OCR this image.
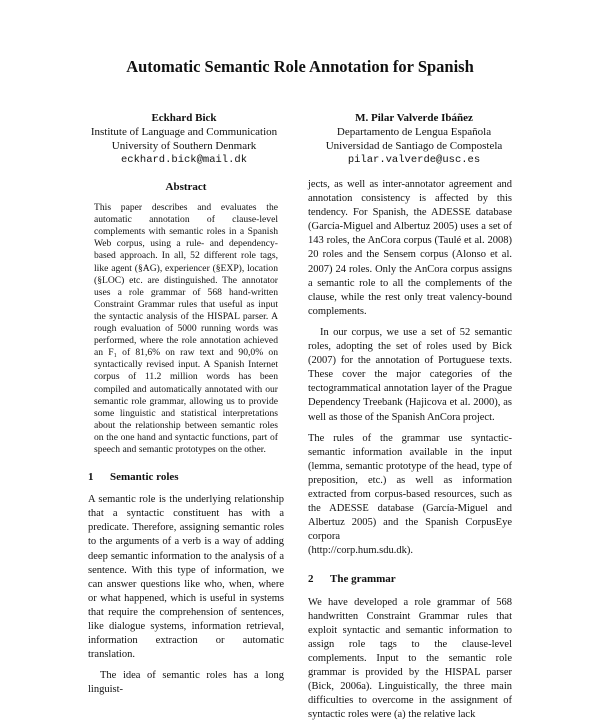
Automatic Semantic Role Annotation for Spanish
Eckhard Bick
Institute of Language and Communication
University of Southern Denmark
eckhard.bick@mail.dk
M. Pilar Valverde Ibáñez
Departamento de Lengua Española
Universidad de Santiago de Compostela
pilar.valverde@usc.es

Abstract

This paper describes and evaluates the automatic annotation of clause-level complements with semantic roles in a Spanish Web corpus, using a rule- and dependency-based approach. In all, 52 different role tags, like agent (§AG), experiencer (§EXP), location (§LOC) etc. are distinguished. The annotator uses a role grammar of 568 hand-written Constraint Grammar rules that useful as input the syntactic analysis of the HISPAL parser. A rough evaluation of 5000 running words was performed, where the role annotation achieved an F₁ of 81,6% on raw text and 90,0% on syntactically revised input. A Spanish Internet corpus of 11.2 million words has been compiled and automatically annotated with our semantic role grammar, allowing us to provide some linguistic and statistical interpretations about the relationship between semantic roles on the one hand and syntactic functions, part of speech and semantic prototypes on the other.

1 Semantic roles

A semantic role is the underlying relationship that a syntactic constituent has with a predicate. Therefore, assigning semantic roles to the arguments of a verb is a way of adding deep semantic information to the analysis of a sentence. With this type of information, we can answer questions like who, when, where or what happened, which is useful in systems that require the comprehension of sentences, like dialogue systems, information retrieval, information extraction or automatic translation.

The idea of semantic roles has a long linguist-

jects, as well as inter-annotator agreement and annotation consistency is affected by this tendency. For Spanish, the ADESSE database (García-Miguel and Albertuz 2005) uses a set of 143 roles, the AnCora corpus (Taulé et al. 2008) 20 roles and the Sensem corpus (Alonso et al. 2007) 24 roles. Only the AnCora corpus assigns a semantic role to all the complements of the clause, while the rest only treat valency-bound complements.

In our corpus, we use a set of 52 semantic roles, adopting the set of roles used by Bick (2007) for the annotation of Portuguese texts. These cover the major categories of the tectogrammatical annotation layer of the Prague Dependency Treebank (Hajicova et al. 2000), as well as those of the Spanish AnCora project.

The rules of the grammar use syntactic-semantic information available in the input (lemma, semantic prototype of the head, type of preposition, etc.) as well as information extracted from corpus-based resources, such as the ADESSE database (García-Miguel and Albertuz 2005) and the Spanish CorpusEye corpora

(http://corp.hum.sdu.dk).

2 The grammar

We have developed a role grammar of 568 handwritten Constraint Grammar rules that exploit syntactic and semantic information to assign role tags to the clause-level complements. Input to the semantic role grammar is provided by the HISPAL parser (Bick, 2006a). Linguistically, the three main difficulties to overcome in the assignment of syntactic roles were (a) the relative lack
